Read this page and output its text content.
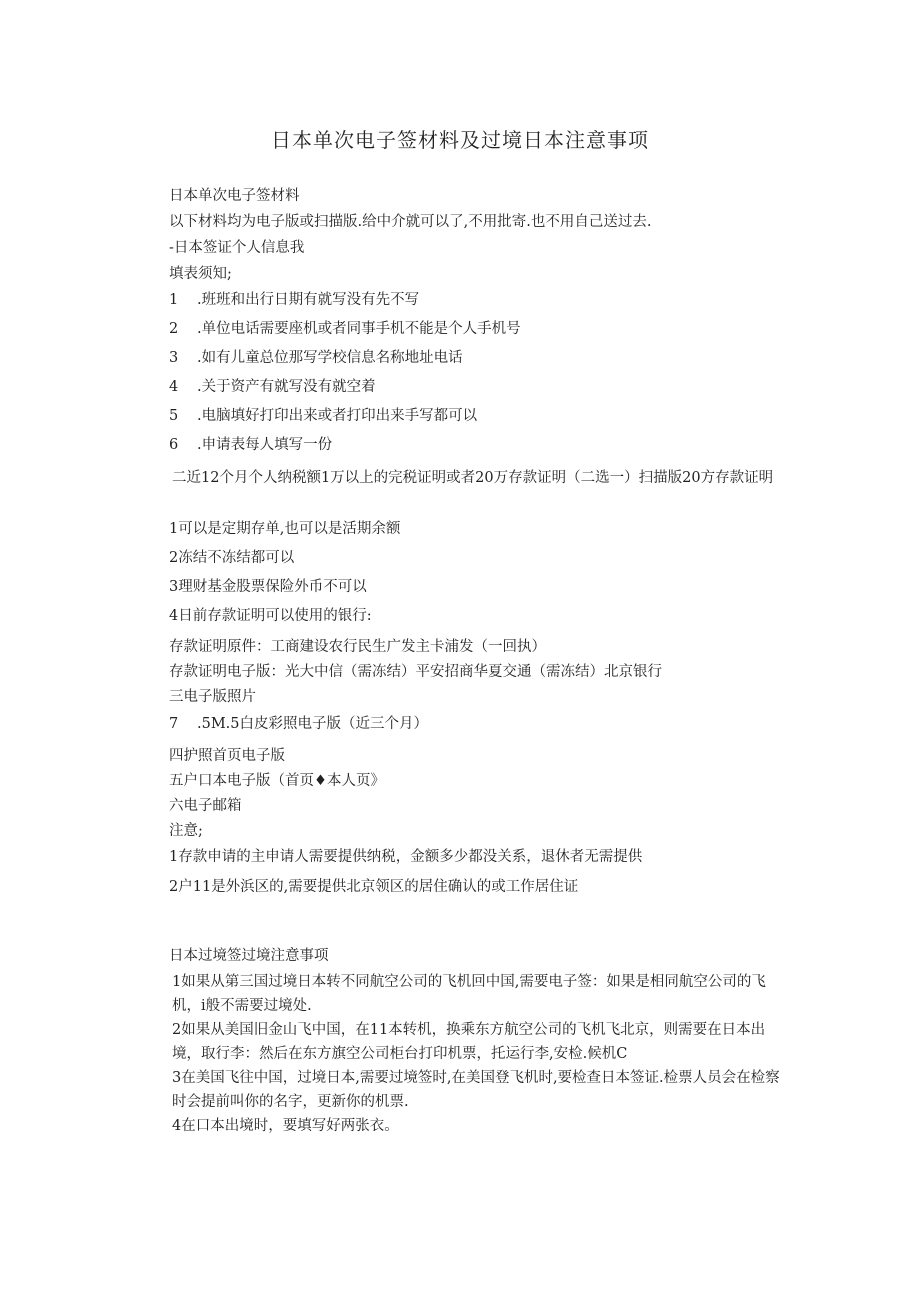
日本单次电子签材料及过境日本注意事项
日本单次电子签材料
以下材料均为电子版或扫描版.给中介就可以了,不用批寄.也不用自己送过去.
-日本签证个人信息我
填表须知;
1 .班班和出行日期有就写没有先不写
2 .单位电话需要座机或者同事手机不能是个人手机号
3 .如有儿童总位那写学校信息名称地址电话
4 .关于资产有就写没有就空着
5 .电脑填好打印出来或者打印出来手写都可以
6 .申请表每人填写一份
二近12个月个人纳税额1万以上的完税证明或者20万存款证明（二选一）扫描版20方存款证明
1可以是定期存单,也可以是活期余额
2冻结不冻结都可以
3理财基金股票保险外币不可以
4日前存款证明可以使用的银行:
存款证明原件：工商建设农行民生广发主卡浦发（一回执）
存款证明电子版：光大中信（需冻结）平安招商华夏交通（需冻结）北京银行
三电子版照片
7 .5M.5白皮彩照电子版（近三个月）
四护照首页电子版
五户口本电子版（首页♦本人页》
六电子邮箱
注意;
1存款申请的主申请人需要提供纳税，金额多少都没关系，退休者无需提供
2户11是外浜区的,需要提供北京领区的居住确认的或工作居住证
日本过境签过境注意事项
1如果从第三国过境日本转不同航空公司的飞机回中国,需要电子签：如果是相同航空公司的飞机，i般不需要过境处.
2如果从美国旧金山飞中国，在11本转机，换乘东方航空公司的飞机飞北京，则需要在日本出境，取行李：然后在东方旗空公司柜台打印机票，托运行李,安检.候机C
3在美国飞往中国，过境日本,需要过境签时,在美国登飞机时,要检查日本签证.检票人员会在检察时会提前叫你的名字，更新你的机票.
4在口本出境时，要填写好两张衣。
